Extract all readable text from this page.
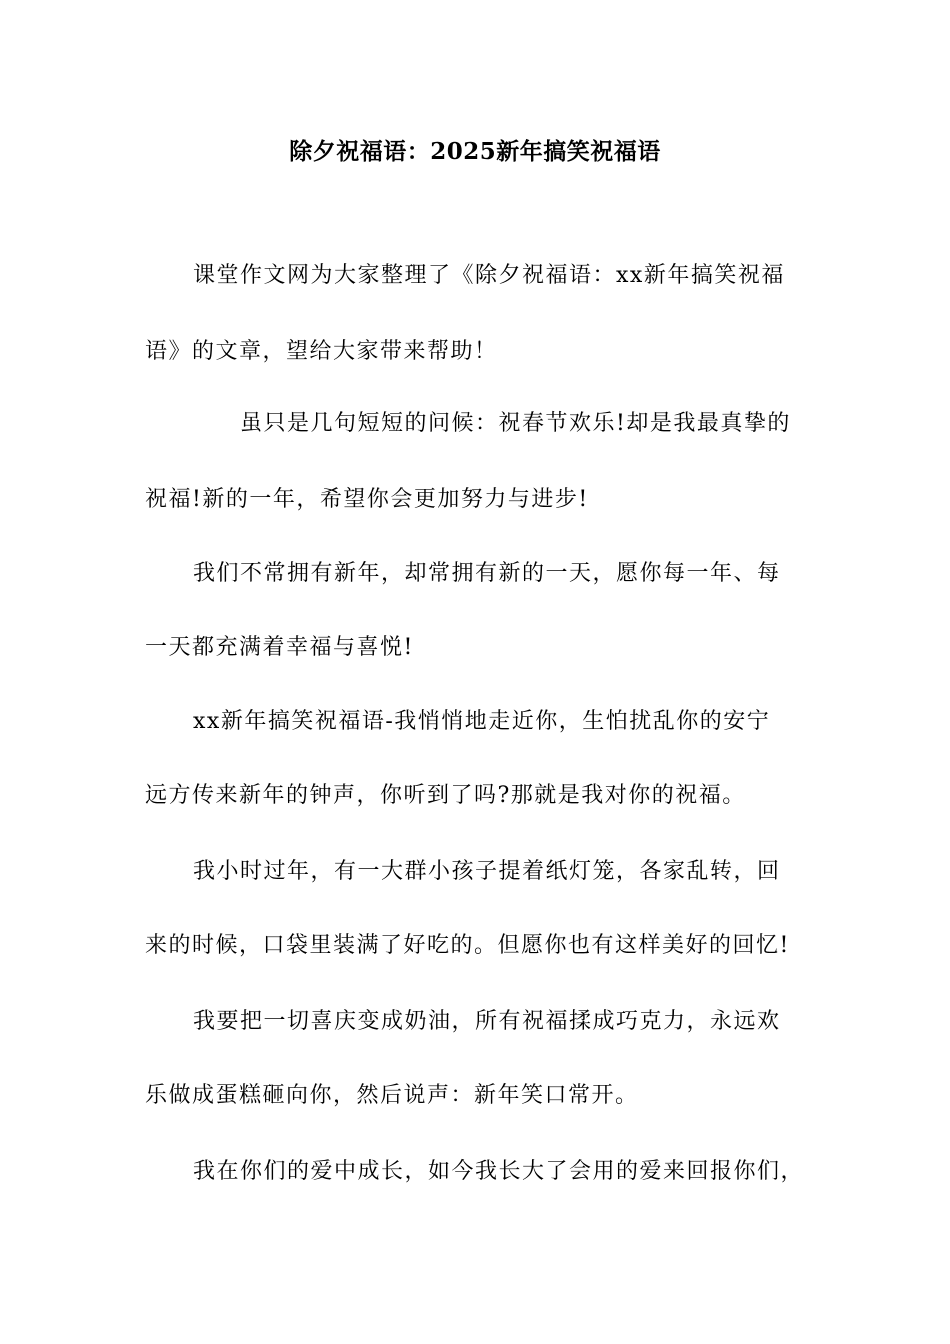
除夕祝福语：2025新年搞笑祝福语
课堂作文网为大家整理了《除夕祝福语：xx新年搞笑祝福
语》的文章，望给大家带来帮助！
虽只是几句短短的问候：祝春节欢乐!却是我最真挚的
祝福!新的一年，希望你会更加努力与进步!
我们不常拥有新年，却常拥有新的一天，愿你每一年、每
一天都充满着幸福与喜悦!
xx新年搞笑祝福语-我悄悄地走近你，生怕扰乱你的安宁
远方传来新年的钟声，你听到了吗?那就是我对你的祝福。
我小时过年，有一大群小孩子提着纸灯笼，各家乱转，回
来的时候，口袋里装满了好吃的。但愿你也有这样美好的回忆!
我要把一切喜庆变成奶油，所有祝福揉成巧克力，永远欢
乐做成蛋糕砸向你，然后说声：新年笑口常开。
我在你们的爱中成长，如今我长大了会用的爱来回报你们，
